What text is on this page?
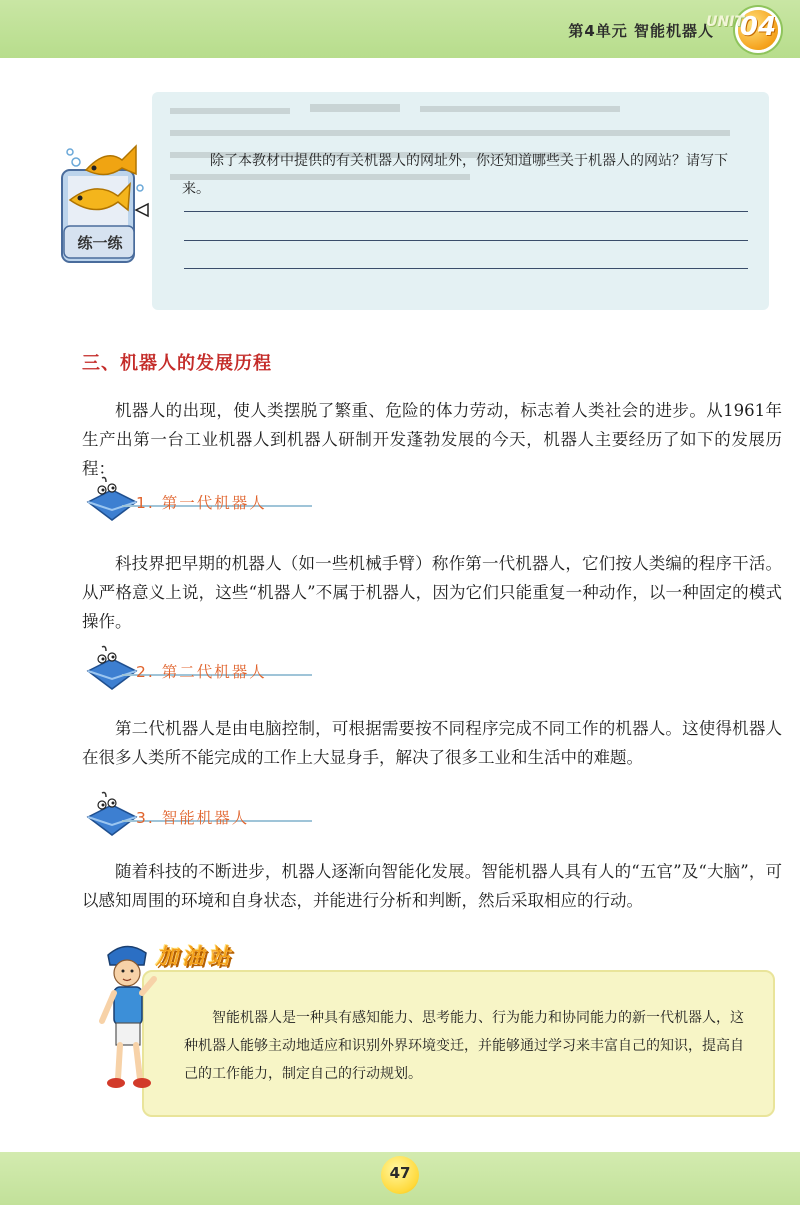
第4单元 智能机器人
UNIT
04
练一练
除了本教材中提供的有关机器人的网址外，你还知道哪些关于机器人的网站？请写下来。
三、机器人的发展历程
机器人的出现，使人类摆脱了繁重、危险的体力劳动，标志着人类社会的进步。从1961年生产出第一台工业机器人到机器人研制开发蓬勃发展的今天，机器人主要经历了如下的发展历程：
1. 第一代机器人
科技界把早期的机器人（如一些机械手臂）称作第一代机器人，它们按人类编的程序干活。从严格意义上说，这些“机器人”不属于机器人，因为它们只能重复一种动作，以一种固定的模式操作。
2. 第二代机器人
第二代机器人是由电脑控制，可根据需要按不同程序完成不同工作的机器人。这使得机器人在很多人类所不能完成的工作上大显身手，解决了很多工业和生活中的难题。
3. 智能机器人
随着科技的不断进步，机器人逐渐向智能化发展。智能机器人具有人的“五官”及“大脑”，可以感知周围的环境和自身状态，并能进行分析和判断，然后采取相应的行动。
智能机器人是一种具有感知能力、思考能力、行为能力和协同能力的新一代机器人，这种机器人能够主动地适应和识别外界环境变迁，并能够通过学习来丰富自己的知识，提高自己的工作能力，制定自己的行动规划。
加油站
47
